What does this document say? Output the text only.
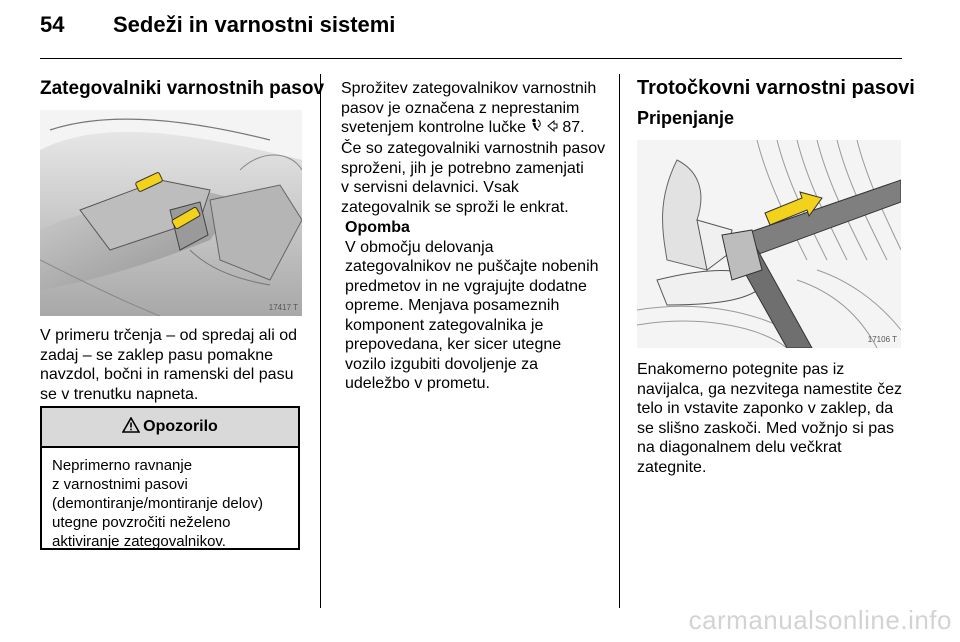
54 Sedeži in varnostni sistemi
Zategovalniki varnostnih pasov
17417 T

V primeru trčenja – od spredaj ali od

zadaj – se zaklep pasu pomakne

navzdol, bočni in ramenski del pasu

se v trenutku napneta.

Opozorilo
Neprimerno ravnanje
z varnostnimi pasovi
(demontiranje/montiranje delov)
utegne povzročiti neželeno
aktiviranje zategovalnikov.

Sprožitev zategovalnikov varnostnih

pasov je označena z neprestanim

svetenjem kontrolne lučke   87.

Če so zategovalniki varnostnih pasov

sproženi, jih je potrebno zamenjati

v servisni delavnici. Vsak

zategovalnik se sproži le enkrat.

Opomba

V območju delovanja

zategovalnikov ne puščajte nobenih

predmetov in ne vgrajujte dodatne

opreme. Menjava posameznih

komponent zategovalnika je

prepovedana, ker sicer utegne

vozilo izgubiti dovoljenje za

udeležbo v prometu.

Trotočkovni varnostni pasovi
Pripenjanje
17106 T

Enakomerno potegnite pas iz

navijalca, ga nezvitega namestite čez

telo in vstavite zaponko v zaklep, da

se slišno zaskoči. Med vožnjo si pas

na diagonalnem delu večkrat

zategnite.

carmanualsonline.info
